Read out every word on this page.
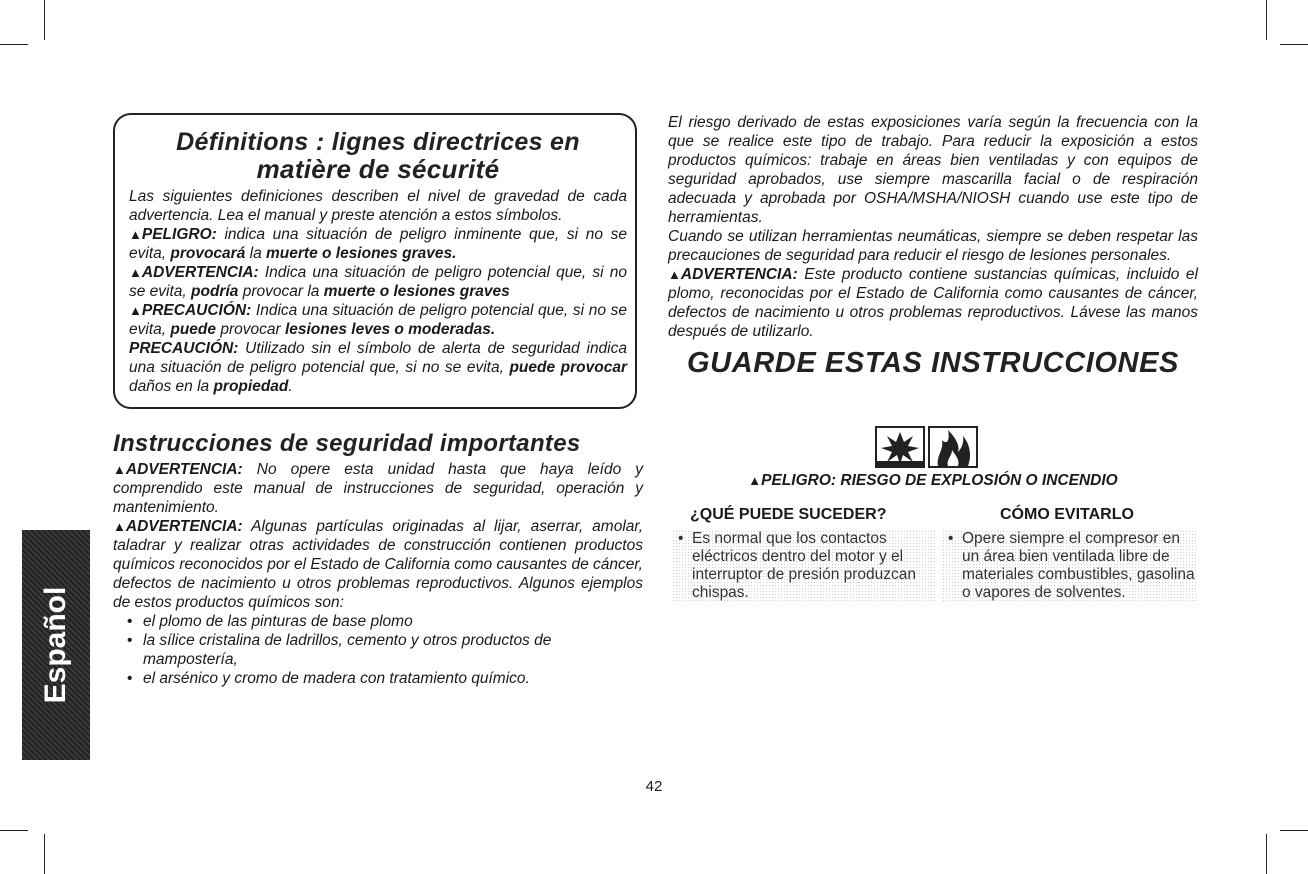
Définitions : lignes directrices en
matière de sécurité

Las siguientes definiciones describen el nivel de gravedad de cada advertencia. Lea el manual y preste atención a estos símbolos.

▲PELIGRO: indica una situación de peligro inminente que, si no se evita, provocará la muerte o lesiones graves.

▲ADVERTENCIA: Indica una situación de peligro potencial que, si no se evita, podría provocar la muerte o lesiones graves

▲PRECAUCIÓN: Indica una situación de peligro potencial que, si no se evita, puede provocar lesiones leves o moderadas.

PRECAUCIÓN: Utilizado sin el símbolo de alerta de seguridad indica una situación de peligro potencial que, si no se evita, puede provocar daños en la propiedad.

Instrucciones de seguridad importantes

▲ADVERTENCIA: No opere esta unidad hasta que haya leído y comprendido este manual de instrucciones de seguridad, operación y mantenimiento.

▲ADVERTENCIA: Algunas partículas originadas al lijar, aserrar, amolar, taladrar y realizar otras actividades de construcción contienen productos químicos reconocidos por el Estado de California como causantes de cáncer, defectos de nacimiento u otros problemas reproductivos. Algunos ejemplos de estos productos químicos son:

• el plomo de las pinturas de base plomo
• la sílice cristalina de ladrillos, cemento y otros productos de mampostería,
• el arsénico y cromo de madera con tratamiento químico.
Español

El riesgo derivado de estas exposiciones varía según la frecuencia con la que se realice este tipo de trabajo. Para reducir la exposición a estos productos químicos: trabaje en áreas bien ventiladas y con equipos de seguridad aprobados, use siempre mascarilla facial o de respiración adecuada y aprobada por OSHA/MSHA/NIOSH cuando use este tipo de herramientas.

Cuando se utilizan herramientas neumáticas, siempre se deben respetar las precauciones de seguridad para reducir el riesgo de lesiones personales.

▲ADVERTENCIA: Este producto contiene sustancias químicas, incluido el plomo, reconocidas por el Estado de California como causantes de cáncer, defectos de nacimiento u otros problemas reproductivos. Lávese las manos después de utilizarlo.

GUARDE ESTAS INSTRUCCIONES
▲PELIGRO: RIESGO DE EXPLOSIÓN O INCENDIO
¿QUÉ PUEDE SUCEDER?	CÓMO EVITARLO
• Es normal que los contactos eléctricos dentro del motor y el interruptor de presión produzcan chispas.
• Opere siempre el compresor en un área bien ventilada libre de materiales combustibles, gasolina o vapores de solventes.
42
